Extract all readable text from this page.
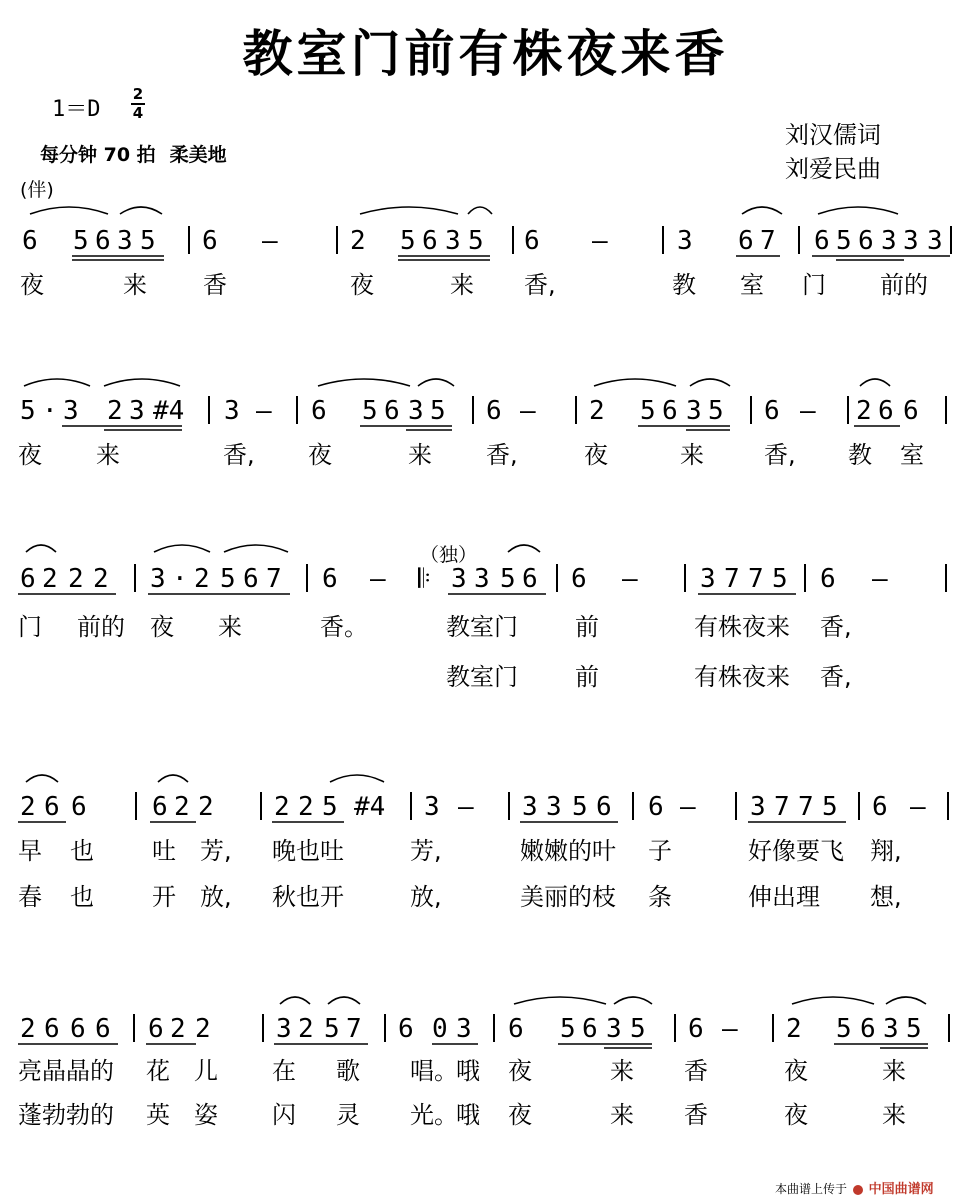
教室门前有株夜来香
1＝D
2
4
每分钟 70 拍 柔美地
(伴)
刘汉儒词
刘爱民曲
（独）
6 5 6 3 5 6 –	2 5 6 3 5 6 –	3 6 7 6 5 6 3 3 3
夜	来 香	夜	来 香,	教 室 门 前的
5 · 3 2 3 #4 3 – 6 5 6 3 5 6 – 2 5 6 3 5 6 – 2 6 6
夜 来	香, 夜	来 香,	夜	来	香, 教 室
6 2 2 2 3 · 2 5 6 7 6 – 𝄆 3 3 5 6 6 – 3 7 7 5 6 –
门 前的 夜 来	香。	教室门 前	有株夜来 香,
教室门 前	有株夜来 香,
2 6 6	6 2 2 2 2 5 #4 3 – 3 3 5 6 6 – 3 7 7 5 6 –
早 也 吐 芳, 晚也吐	芳,	嫩嫩的叶 子	好像要飞 翔,
春 也 开 放, 秋也开	放,	美丽的枝 条	伸出理 想,
2 6 6 6 6 2 2	3 2 5 7 6 0 3 6 5 6 3 5 6 – 2 5 6 3 5
亮晶晶的 花 儿 在 歌 唱。
哦 夜	来 香	夜	来
蓬勃勃的 英 姿 闪 灵 光。
哦 夜	来 香	夜	来
本曲谱上传于 中国曲谱网
